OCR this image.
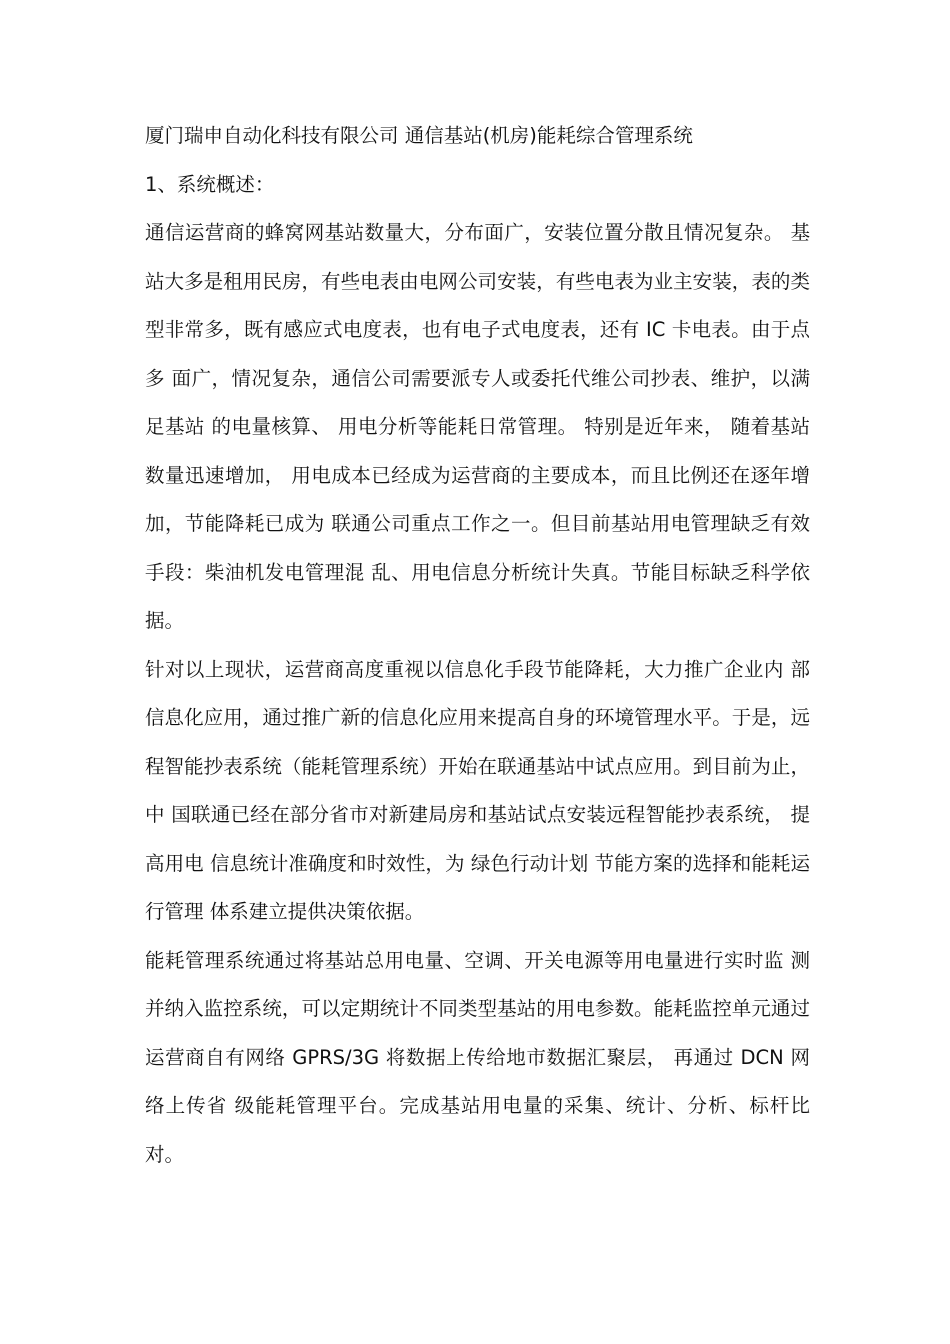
厦门瑞申自动化科技有限公司 通信基站(机房)能耗综合管理系统

1、系统概述：

通信运营商的蜂窝网基站数量大，分布面广，安装位置分散且情况复杂。 基站大多是租用民房，有些电表由电网公司安装，有些电表为业主安装，表的类 型非常多，既有感应式电度表，也有电子式电度表，还有 IC 卡电表。由于点多 面广，情况复杂，通信公司需要派专人或委托代维公司抄表、维护，以满足基站 的电量核算、 用电分析等能耗日常管理。 特别是近年来， 随着基站数量迅速增加， 用电成本已经成为运营商的主要成本，而且比例还在逐年增加，节能降耗已成为 联通公司重点工作之一。但目前基站用电管理缺乏有效手段：柴油机发电管理混 乱、用电信息分析统计失真。节能目标缺乏科学依据。

针对以上现状，运营商高度重视以信息化手段节能降耗，大力推广企业内 部信息化应用，通过推广新的信息化应用来提高自身的环境管理水平。于是，远 程智能抄表系统（能耗管理系统）开始在联通基站中试点应用。到目前为止，中 国联通已经在部分省市对新建局房和基站试点安装远程智能抄表系统， 提高用电 信息统计准确度和时效性，为 绿色行动计划 节能方案的选择和能耗运行管理 体系建立提供决策依据。

能耗管理系统通过将基站总用电量、空调、开关电源等用电量进行实时监 测并纳入监控系统，可以定期统计不同类型基站的用电参数。能耗监控单元通过 运营商自有网络 GPRS/3G 将数据上传给地市数据汇聚层， 再通过 DCN 网络上传省 级能耗管理平台。完成基站用电量的采集、统计、分析、标杆比对。
